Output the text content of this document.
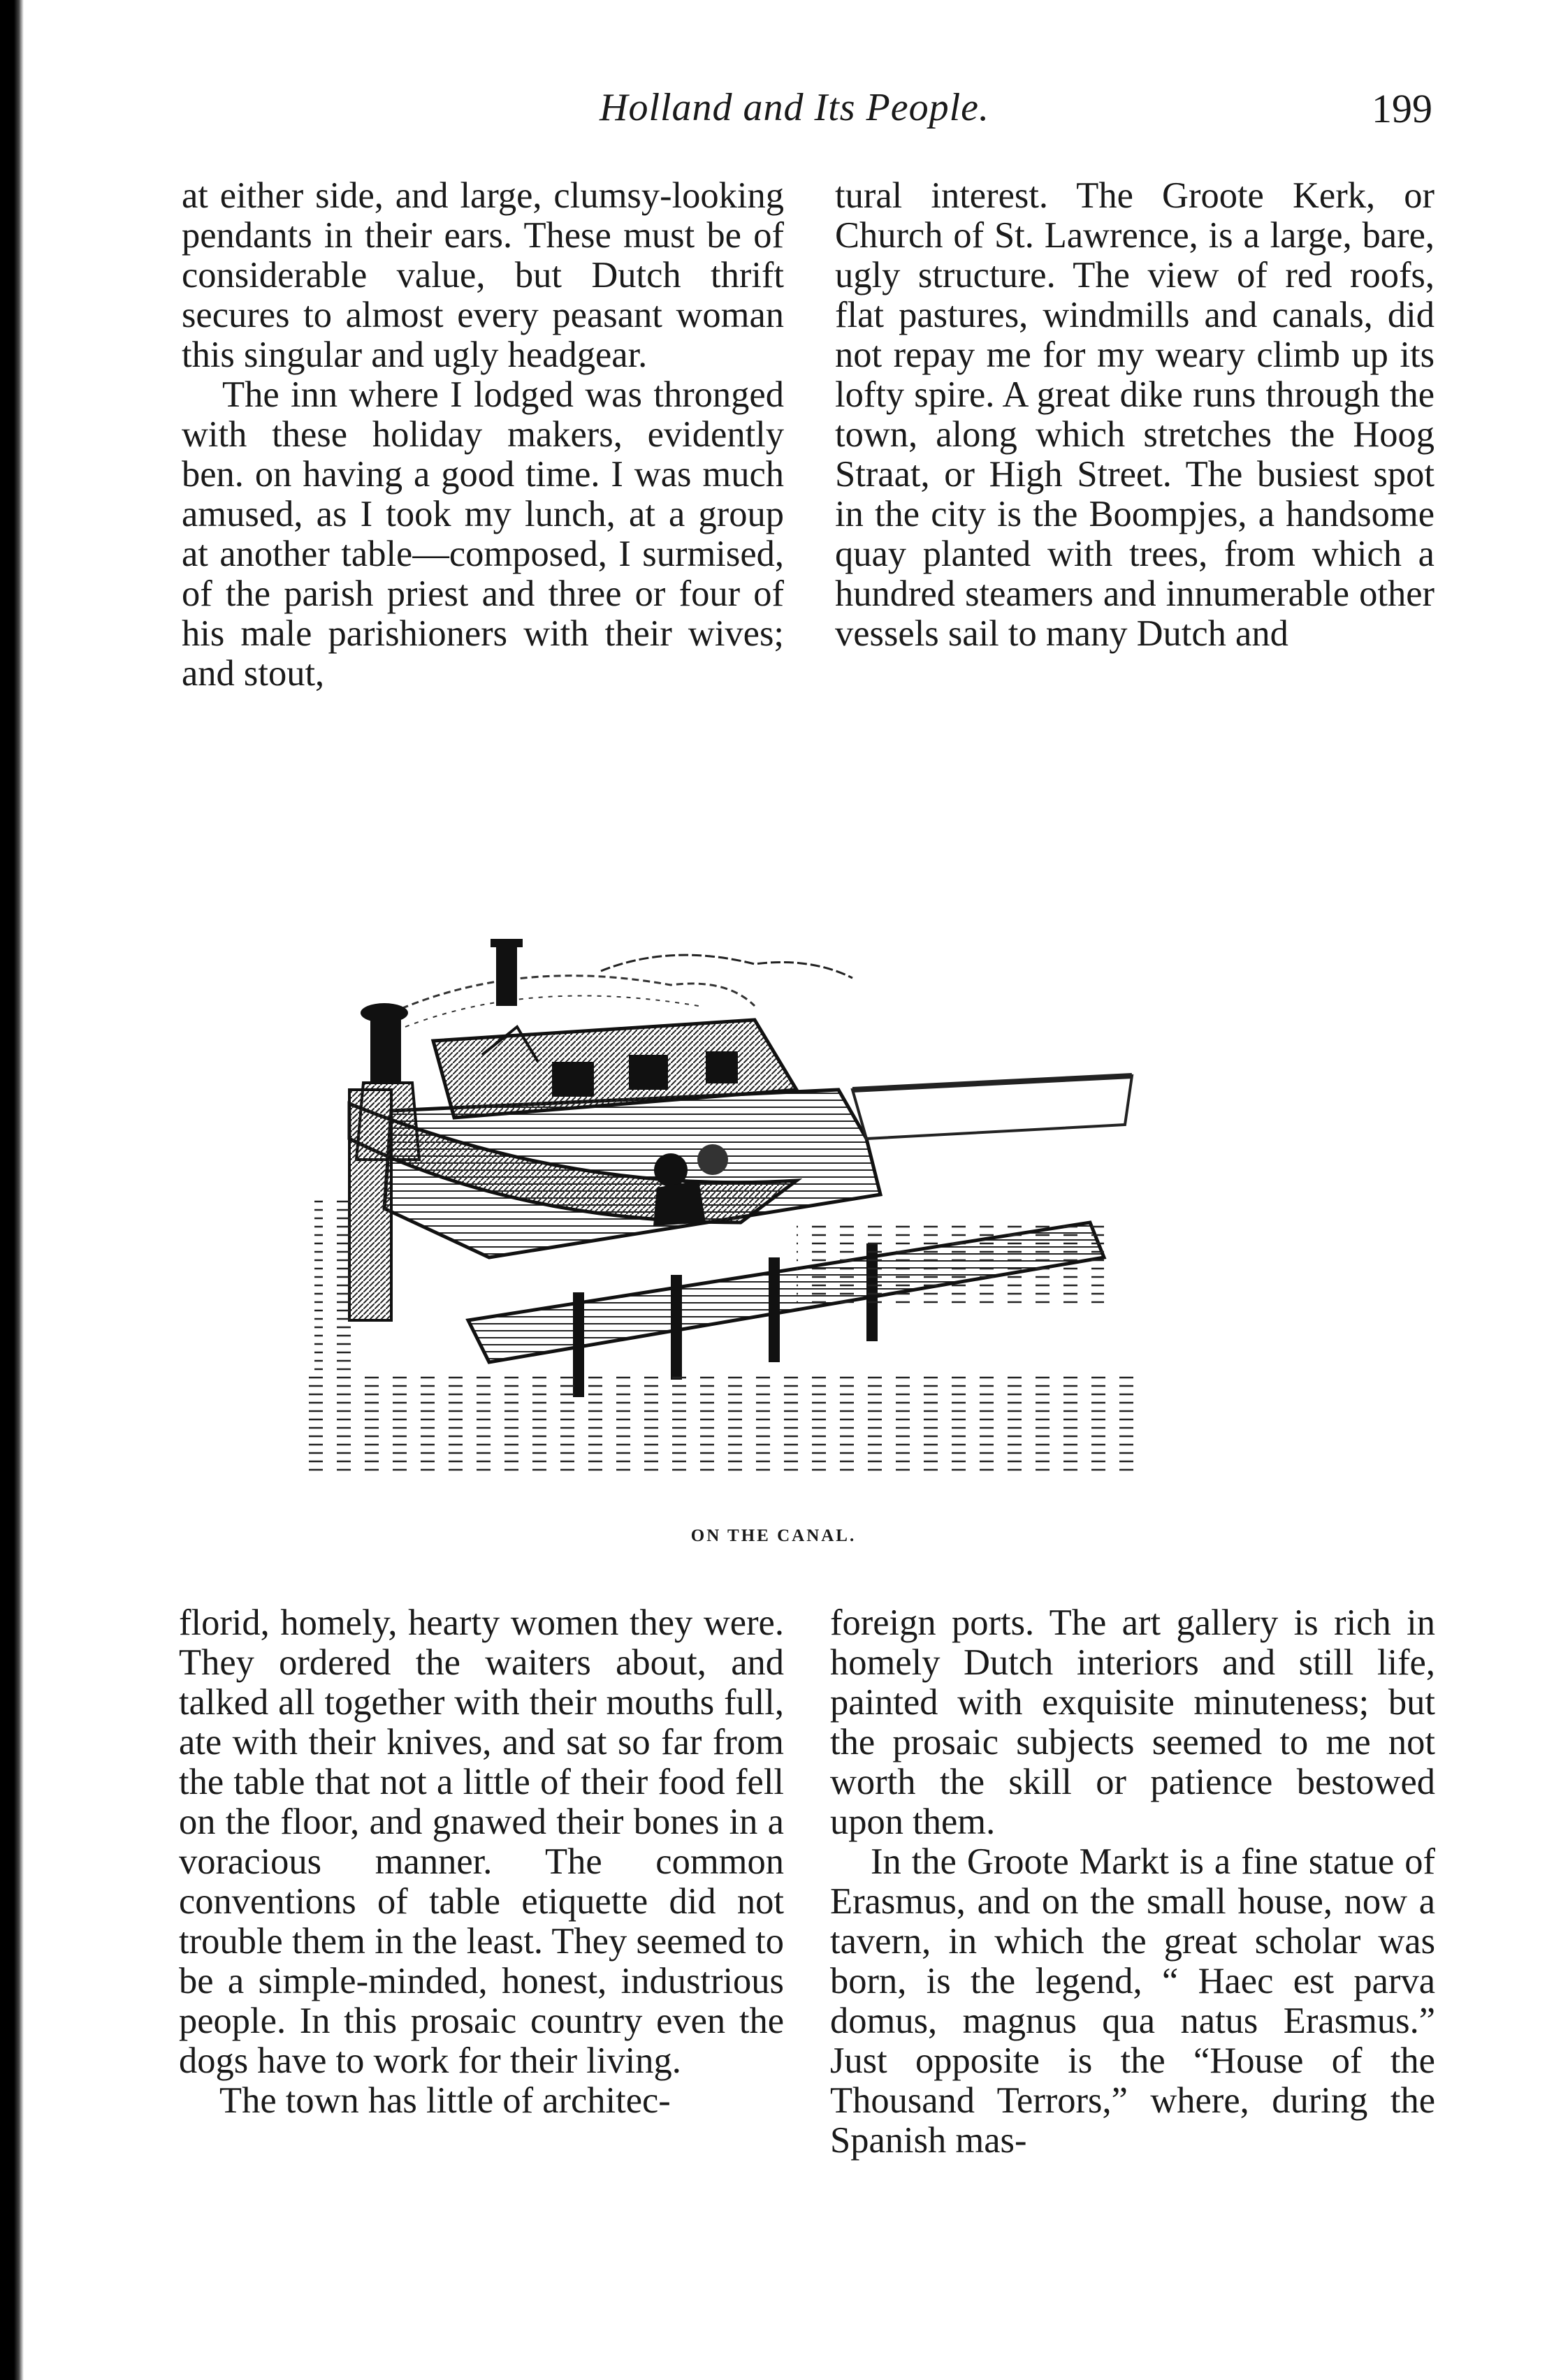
Holland and Its People.	199

at either side, and large, clumsy-looking pendants in their ears. These must be of considerable value, but Dutch thrift secures to almost every peasant woman this singular and ugly headgear.

The inn where I lodged was thronged with these holiday makers, evidently ben. on having a good time. I was much amused, as I took my lunch, at a group at another table—composed, I surmised, of the parish priest and three or four of his male parishioners with their wives; and stout,

tural interest. The Groote Kerk, or Church of St. Lawrence, is a large, bare, ugly structure. The view of red roofs, flat pastures, windmills and canals, did not repay me for my weary climb up its lofty spire. A great dike runs through the town, along which stretches the Hoog Straat, or High Street. The busiest spot in the city is the Boompjes, a handsome quay planted with trees, from which a hundred steamers and innumerable other vessels sail to many Dutch and

ON THE CANAL.

florid, homely, hearty women they were. They ordered the waiters about, and talked all together with their mouths full, ate with their knives, and sat so far from the table that not a little of their food fell on the floor, and gnawed their bones in a voracious manner. The common conventions of table etiquette did not trouble them in the least. They seemed to be a simple-minded, honest, industrious people. In this prosaic country even the dogs have to work for their living.

The town has little of architec-

foreign ports. The art gallery is rich in homely Dutch interiors and still life, painted with exquisite minuteness; but the prosaic subjects seemed to me not worth the skill or patience bestowed upon them.

In the Groote Markt is a fine statue of Erasmus, and on the small house, now a tavern, in which the great scholar was born, is the legend, “ Haec est parva domus, magnus qua natus Erasmus.” Just opposite is the “House of the Thousand Terrors,” where, during the Spanish mas-
